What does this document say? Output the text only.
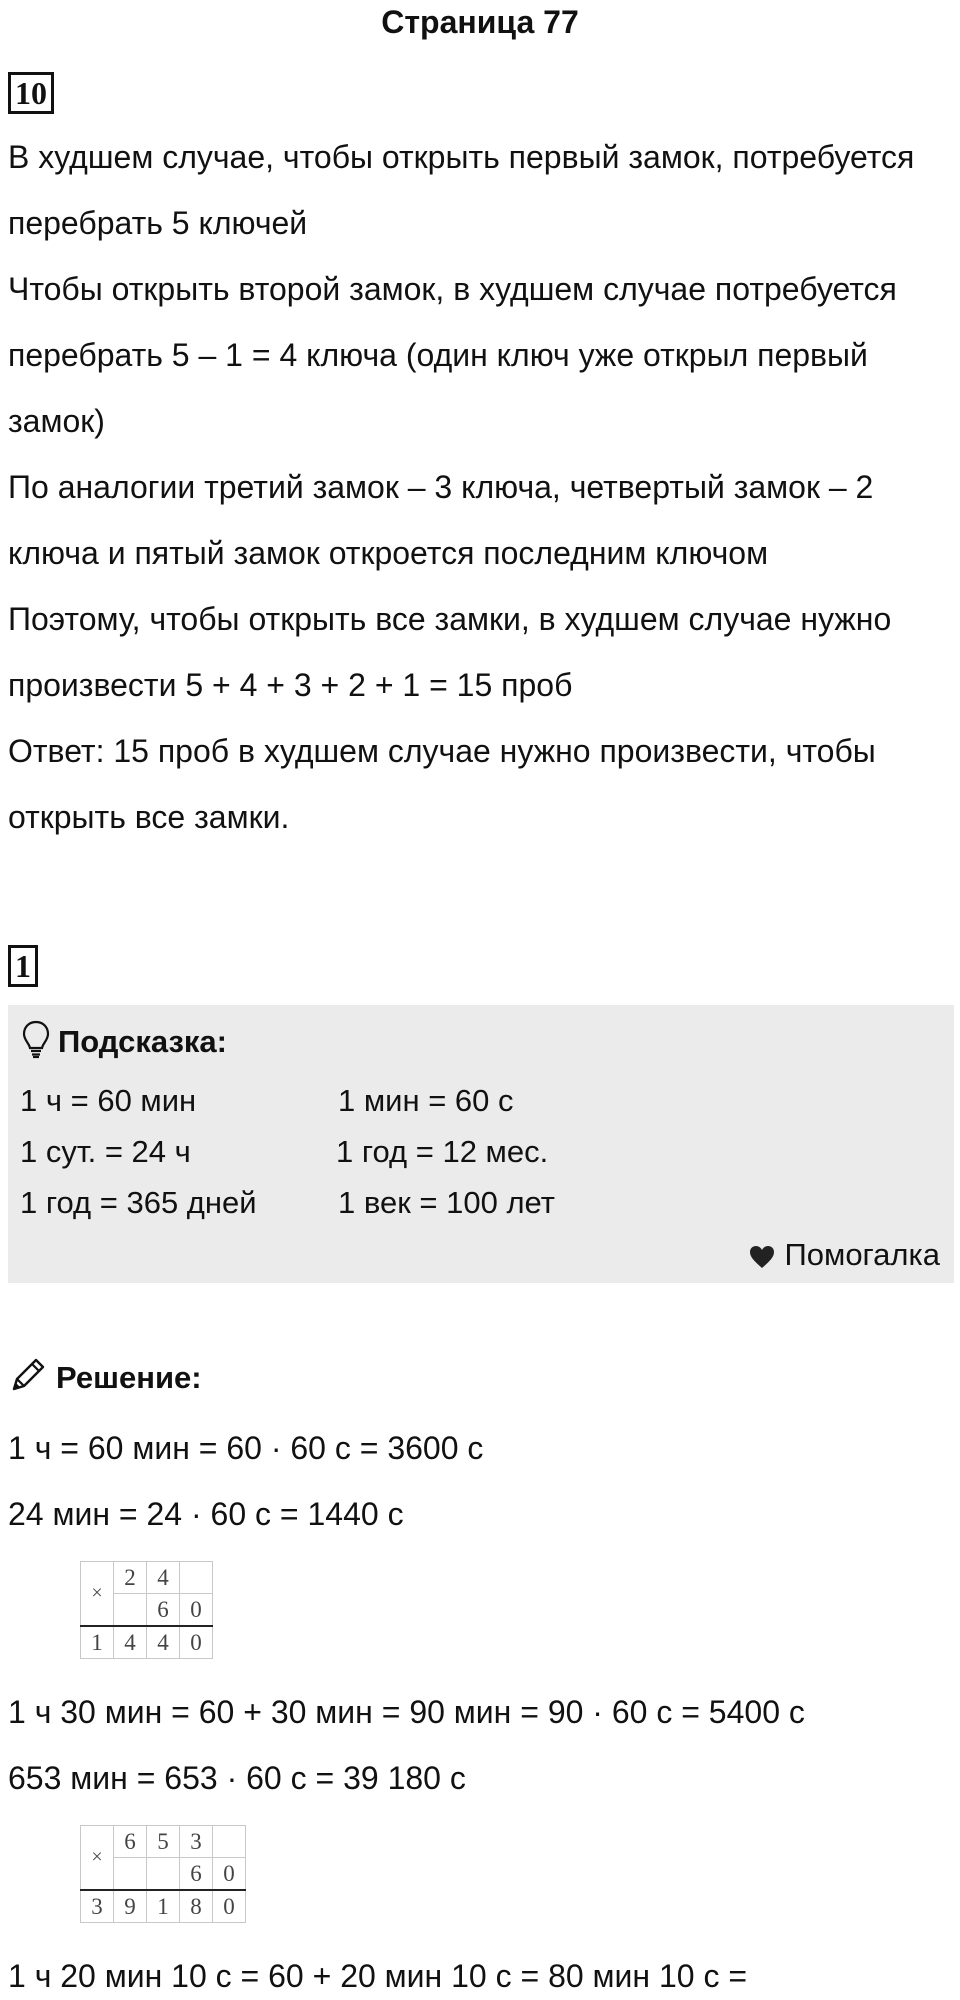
Страница 77
10

В худшем случае, чтобы открыть первый замок, потребуется

перебрать 5 ключей

Чтобы открыть второй замок, в худшем случае потребуется

перебрать 5 – 1 = 4 ключа (один ключ уже открыл первый

замок)

По аналогии третий замок – 3 ключа, четвертый замок – 2

ключа и пятый замок откроется последним ключом

Поэтому, чтобы открыть все замки, в худшем случае нужно

произвести 5 + 4 + 3 + 2 + 1 = 15 проб

Ответ: 15 проб в худшем случае нужно произвести, чтобы

открыть все замки.

1
Подсказка:
1 ч = 60 мин	1 мин = 60 с
1 сут. = 24 ч	1 год = 12 мес.
1 год = 365 дней	1 век = 100 лет
Помогалка
Решение:
1 ч = 60 мин = 60 · 60 с = 3600 с
24 мин = 24 · 60 с = 1440 с
×	2	4	
		6	0
1	4	4	0
1 ч 30 мин = 60 + 30 мин = 90 мин = 90 · 60 с = 5400 с
653 мин = 653 · 60 с = 39 180 с
×	6	5	3	
			6	0
3	9	1	8	0
1 ч 20 мин 10 с = 60 + 20 мин 10 с = 80 мин 10 с =
